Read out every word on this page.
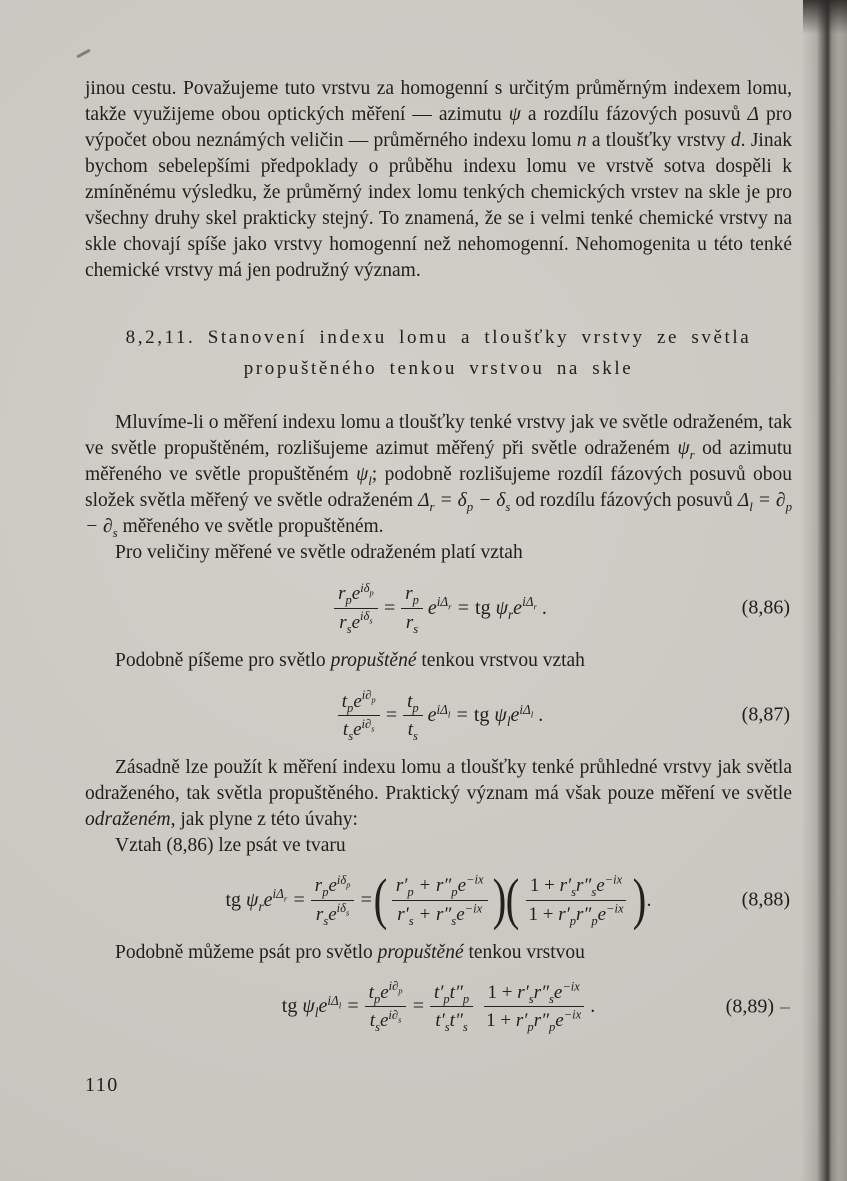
jinou cestu. Považujeme tuto vrstvu za homogenní s určitým průměrným indexem lomu, takže využijeme obou optických měření — azimutu ψ a rozdílu fázových posuvů Δ pro výpočet obou neznámých veličin — průměrného indexu lomu n a tloušťky vrstvy d. Jinak bychom sebelepšími předpoklady o průběhu indexu lomu ve vrstvě sotva dospěli k zmíněnému výsledku, že průměrný index lomu tenkých chemických vrstev na skle je pro všechny druhy skel prakticky stejný. To znamená, že se i velmi tenké chemické vrstvy na skle chovají spíše jako vrstvy homogenní než nehomogenní. Nehomogenita u této tenké chemické vrstvy má jen podružný význam.

8,2,11. Stanovení indexu lomu a tloušťky vrstvy ze světla
propuštěného tenkou vrstvou na skle

Mluvíme-li o měření indexu lomu a tloušťky tenké vrstvy jak ve světle odraženém, tak ve světle propuštěném, rozlišujeme azimut měřený při světle odraženém $\psi_r$ od azimutu měřeného ve světle propuštěném $\psi_l$; podobně rozlišujeme rozdíl fázových posuvů obou složek světla měřený ve světle odraženém $\Delta_r = \delta_p - \delta_s$ od rozdílu fázových posuvů $\Delta_l = \partial_p - \partial_s$ měřeného ve světle propuštěném.

Pro veličiny měřené ve světle odraženém platí vztah

$\frac{r_pe^{i\delta_p}}{r_se^{i\delta_s}} = \frac{r_p}{r_s} e^{i\Delta_r}$ = tg $\psi_re^{i\Delta_r}$ .	(8,86)

Podobně píšeme pro světlo propuštěné tenkou vrstvou vztah

$\frac{t_pe^{i\partial_p}}{t_se^{i\partial_s}} = \frac{t_p}{t_s} e^{i\Delta_l}$ = tg $\psi_le^{i\Delta_l}$ .	(8,87)

Zásadně lze použít k měření indexu lomu a tloušťky tenké průhledné vrstvy jak světla odraženého, tak světla propuštěného. Praktický význam má však pouze měření ve světle odraženém, jak plyne z této úvahy:

Vztah (8,86) lze psát ve tvaru

tg $\psi_re^{i\Delta_r} = \frac{r_pe^{i\delta_p}}{r_se^{i\delta_s}}$ = ( $\frac{r'_p + r''_pe^{-ix}}{r'_s + r''_se^{-ix}}$ ) ( $\frac{1 + r'_sr''_se^{-ix}}{1 + r'_pr''_pe^{-ix}}$ ) .	(8,88)

Podobně můžeme psát pro světlo propuštěné tenkou vrstvou

tg $\psi_le^{i\Delta_l} = \frac{t_pe^{i\partial_p}}{t_se^{i\partial_s}} = \frac{t'_pt''_p}{t'_st''_s} \frac{1 + r'_sr''_se^{-ix}}{1 + r'_pr''_pe^{-ix}}$ .	(8,89) –
110
